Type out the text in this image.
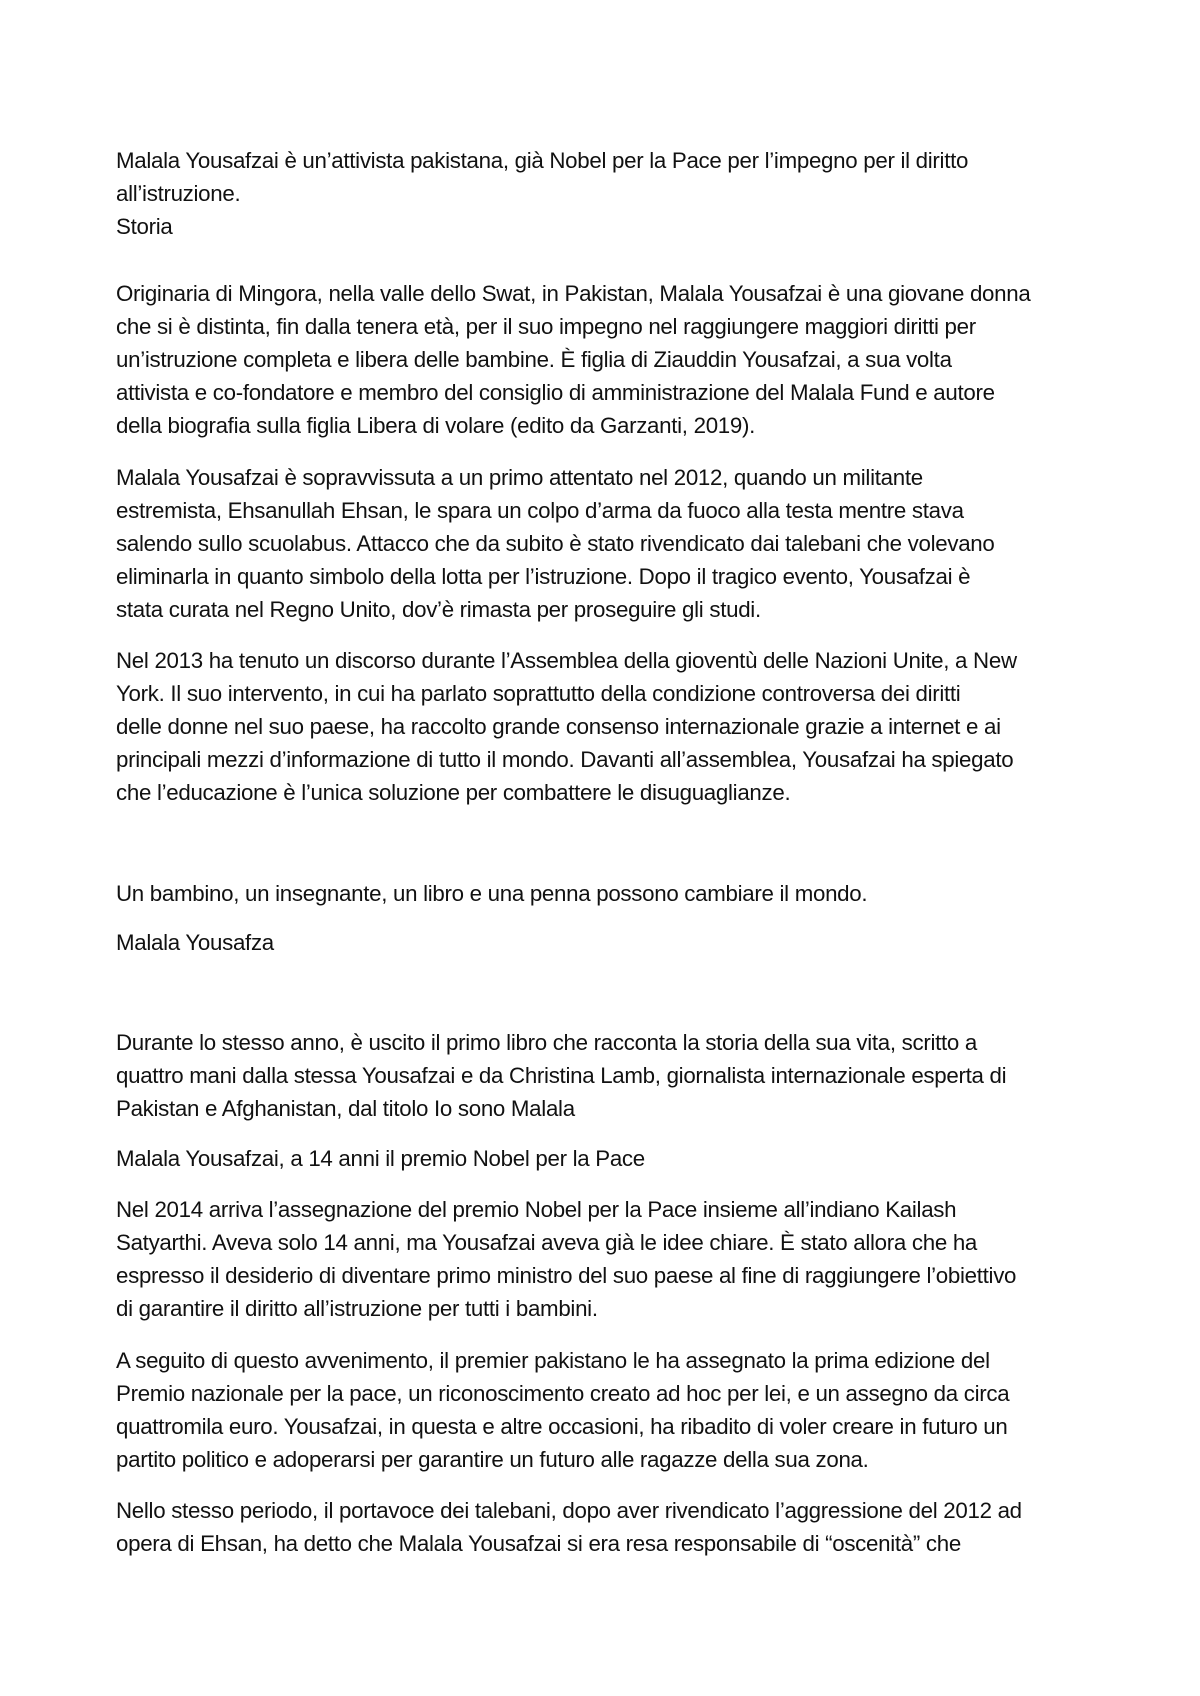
Malala Yousafzai è un’attivista pakistana, già Nobel per la Pace per l’impegno per il diritto
all’istruzione.

Storia

Originaria di Mingora, nella valle dello Swat, in Pakistan, Malala Yousafzai è una giovane donna
che si è distinta, fin dalla tenera età, per il suo impegno nel raggiungere maggiori diritti per
un’istruzione completa e libera delle bambine. È figlia di Ziauddin Yousafzai, a sua volta
attivista e co-fondatore e membro del consiglio di amministrazione del Malala Fund e autore
della biografia sulla figlia Libera di volare (edito da Garzanti, 2019).

Malala Yousafzai è sopravvissuta a un primo attentato nel 2012, quando un militante
estremista, Ehsanullah Ehsan, le spara un colpo d’arma da fuoco alla testa mentre stava
salendo sullo scuolabus. Attacco che da subito è stato rivendicato dai talebani che volevano
eliminarla in quanto simbolo della lotta per l’istruzione. Dopo il tragico evento, Yousafzai è
stata curata nel Regno Unito, dov’è rimasta per proseguire gli studi.

Nel 2013 ha tenuto un discorso durante l’Assemblea della gioventù delle Nazioni Unite, a New
York. Il suo intervento, in cui ha parlato soprattutto della condizione controversa dei diritti
delle donne nel suo paese, ha raccolto grande consenso internazionale grazie a internet e ai
principali mezzi d’informazione di tutto il mondo. Davanti all’assemblea, Yousafzai ha spiegato
che l’educazione è l’unica soluzione per combattere le disuguaglianze.

Un bambino, un insegnante, un libro e una penna possono cambiare il mondo.

Malala Yousafza

Durante lo stesso anno, è uscito il primo libro che racconta la storia della sua vita, scritto a
quattro mani dalla stessa Yousafzai e da Christina Lamb, giornalista internazionale esperta di
Pakistan e Afghanistan, dal titolo Io sono Malala

Malala Yousafzai, a 14 anni il premio Nobel per la Pace

Nel 2014 arriva l’assegnazione del premio Nobel per la Pace insieme all’indiano Kailash
Satyarthi. Aveva solo 14 anni, ma Yousafzai aveva già le idee chiare. È stato allora che ha
espresso il desiderio di diventare primo ministro del suo paese al fine di raggiungere l’obiettivo
di garantire il diritto all’istruzione per tutti i bambini.

A seguito di questo avvenimento, il premier pakistano le ha assegnato la prima edizione del
Premio nazionale per la pace, un riconoscimento creato ad hoc per lei, e un assegno da circa
quattromila euro. Yousafzai, in questa e altre occasioni, ha ribadito di voler creare in futuro un
partito politico e adoperarsi per garantire un futuro alle ragazze della sua zona.

Nello stesso periodo, il portavoce dei talebani, dopo aver rivendicato l’aggressione del 2012 ad
opera di Ehsan, ha detto che Malala Yousafzai si era resa responsabile di “oscenità” che
